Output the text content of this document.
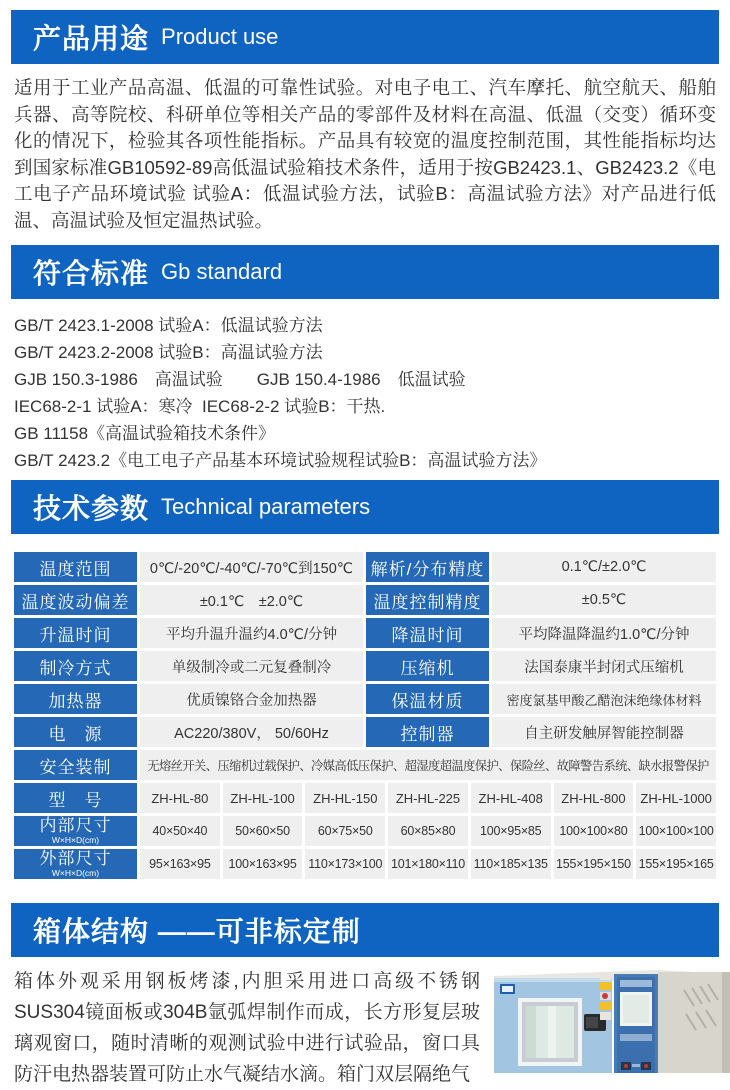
产品用途 Product use
适用于工业产品高温、低温的可靠性试验。对电子电工、汽车摩托、航空航天、船舶兵器、高等院校、科研单位等相关产品的零部件及材料在高温、低温（交变）循环变化的情况下，检验其各项性能指标。产品具有较宽的温度控制范围，其性能指标均达到国家标准GB10592-89高低温试验箱技术条件，适用于按GB2423.1、GB2423.2《电工电子产品环境试验 试验A：低温试验方法，试验B：高温试验方法》对产品进行低温、高温试验及恒定温热试验。
符合标准 Gb standard
GB/T 2423.1-2008 试验A：低温试验方法
GB/T 2423.2-2008 试验B：高温试验方法
GJB 150.3-1986　高温试验　　GJB 150.4-1986　低温试验
IEC68-2-1 试验A：寒冷  IEC68-2-2 试验B：干热.
GB 11158《高温试验箱技术条件》
GB/T 2423.2《电工电子产品基本环境试验规程试验B：高温试验方法》
技术参数 Technical parameters
温度范围	0℃/-20℃/-40℃/-70℃到150℃	解析/分布精度	0.1℃/±2.0℃
温度波动偏差	±0.1℃　±2.0℃	温度控制精度	±0.5℃
升温时间	平均升温升温约4.0℃/分钟	降温时间	平均降温降温约1.0℃/分钟
制冷方式	单级制冷或二元复叠制冷	压缩机	法国泰康半封闭式压缩机
加热器	优质镍铬合金加热器	保温材质	密度氯基甲酸乙醋泡沫绝缘体材料
电　源	AC220/380V， 50/60Hz	控制器	自主研发触屏智能控制器
安全装制	无熔丝开关、压缩机过载保护、冷媒高低压保护、超湿度超温度保护、保险丝、故障警告系统、缺水报警保护
型　号	ZH-HL-80	ZH-HL-100	ZH-HL-150	ZH-HL-225	ZH-HL-408	ZH-HL-800	ZH-HL-1000
内部尺寸
W×H×D(cm)
40×50×40	50×60×50	60×75×50	60×85×80	100×95×85	100×100×80 100×100×100
外部尺寸
W×H×D(cm)
95×163×95	100×163×95 110×173×100 101×180×110 110×185×135 155×195×150 155×195×165
箱体结构 ——可非标定制
箱体外观采用钢板烤漆,内胆采用进口高级不锈钢SUS304镜面板或304B氩弧焊制作而成，长方形复层玻璃观窗口，随时清晰的观测试验中进行试验品，窗口具防汗电热器装置可防止水气凝结水滴。箱门双层隔绝气
